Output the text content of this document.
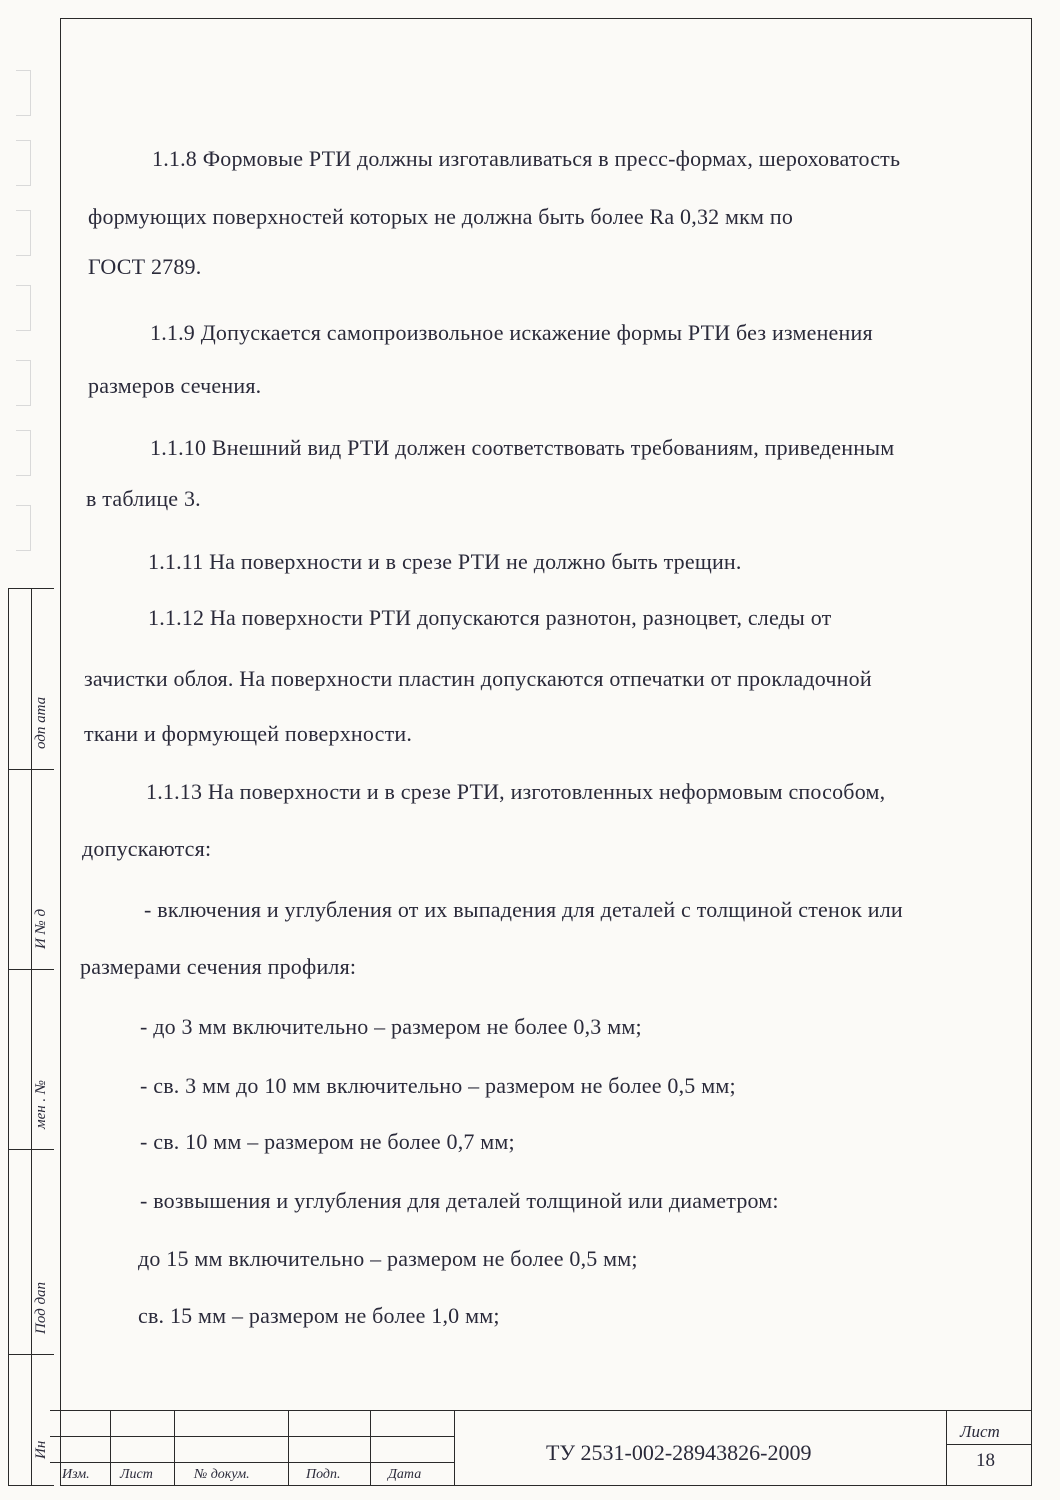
одп ата
И № д
мен . №
Под дап
Ин
1.1.8 Формовые РТИ должны изготавливаться в пресс-формах, шероховатость
формующих поверхностей которых не должна быть более Ra 0,32 мкм по
ГОСТ 2789.
1.1.9 Допускается самопроизвольное искажение формы РТИ без изменения
размеров сечения.
1.1.10 Внешний вид РТИ должен соответствовать требованиям, приведенным
в таблице 3.
1.1.11 На поверхности и в срезе РТИ не должно быть трещин.
1.1.12 На поверхности РТИ допускаются разнотон, разноцвет, следы от
зачистки облоя. На поверхности пластин допускаются отпечатки от прокладочной
ткани и формующей поверхности.
1.1.13 На поверхности и в срезе РТИ, изготовленных неформовым способом,
допускаются:
- включения и углубления от их выпадения для деталей с толщиной стенок или
размерами сечения профиля:
- до 3 мм включительно – размером не более 0,3 мм;
- св. 3 мм до 10 мм включительно – размером не более 0,5 мм;
- св. 10 мм – размером не более 0,7 мм;
- возвышения и углубления для деталей толщиной или диаметром:
до 15 мм включительно – размером не более 0,5 мм;
св. 15 мм – размером не более 1,0 мм;
Изм. Лист	№ докум.	Подп.	Дата
ТУ 2531-002-28943826-2009
Лист
18
